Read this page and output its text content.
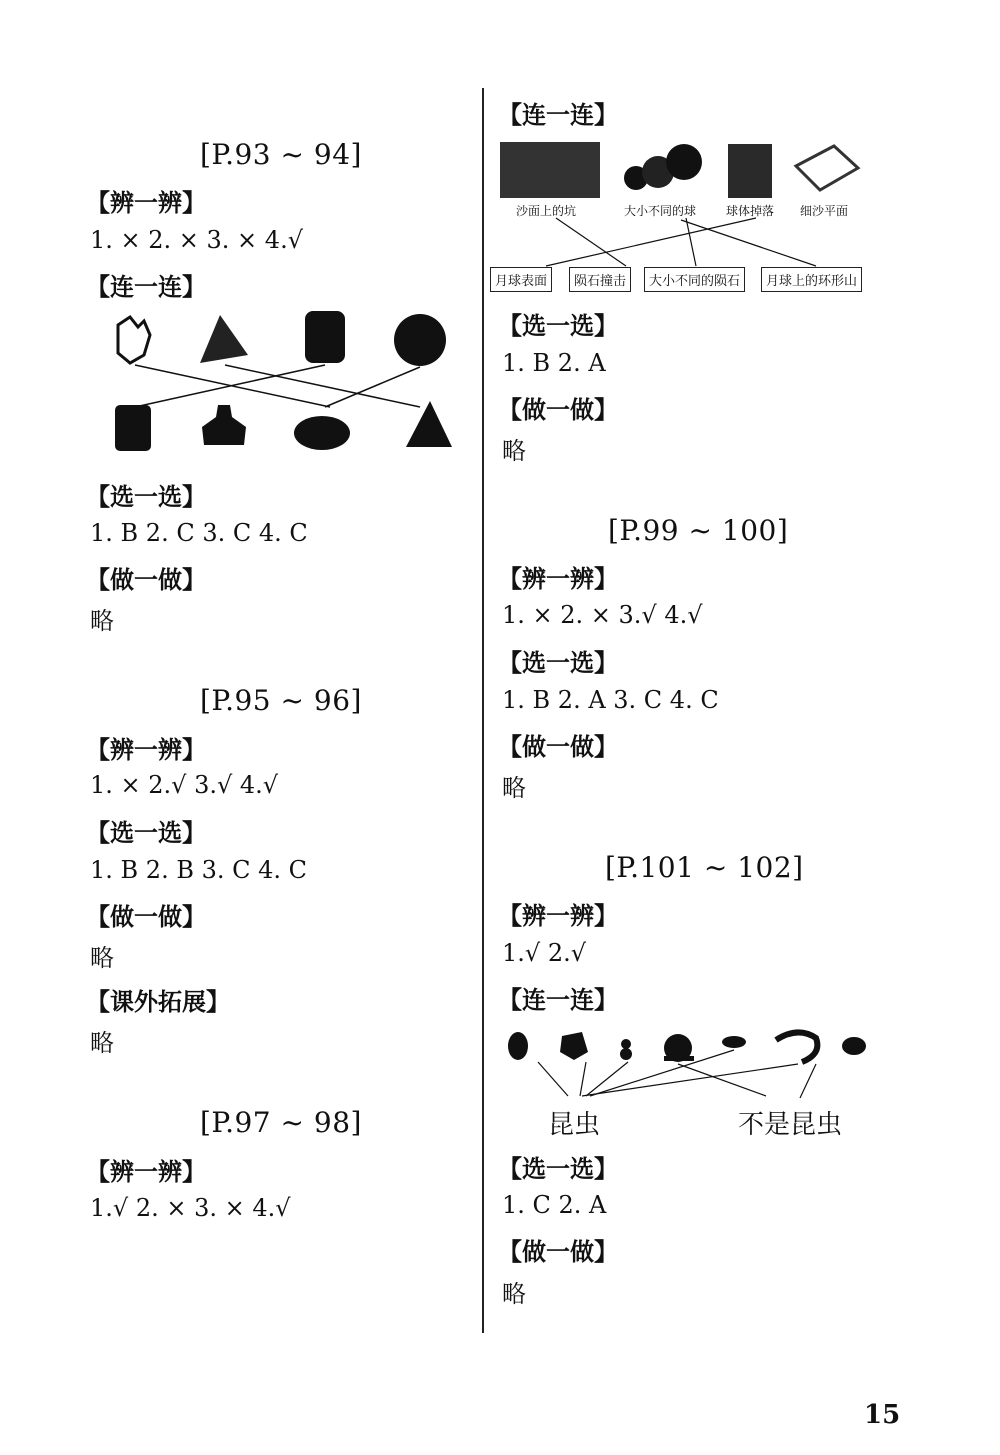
[P.93 ~ 94]
【辨一辨】
1. × 2. × 3. × 4.√
【连一连】
【选一选】
1. B 2. C 3. C 4. C
【做一做】
略
[P.95 ~ 96]
【辨一辨】
1. × 2.√ 3.√ 4.√
【选一选】
1. B 2. B 3. C 4. C
【做一做】
略
【课外拓展】
略
[P.97 ~ 98]
【辨一辨】
1.√ 2. × 3. × 4.√
【连一连】
沙面上的坑	大小不同的球 球体掉落 细沙平面
月球表面	陨石撞击	大小不同的陨石	月球上的环形山
【选一选】
1. B 2. A
【做一做】
略
[P.99 ~ 100]
【辨一辨】
1. × 2. × 3.√ 4.√
【选一选】
1. B 2. A 3. C 4. C
【做一做】
略
[P.101 ~ 102]
【辨一辨】
1.√ 2.√
【连一连】
昆虫	不是昆虫
【选一选】
1. C 2. A
【做一做】
略
15
